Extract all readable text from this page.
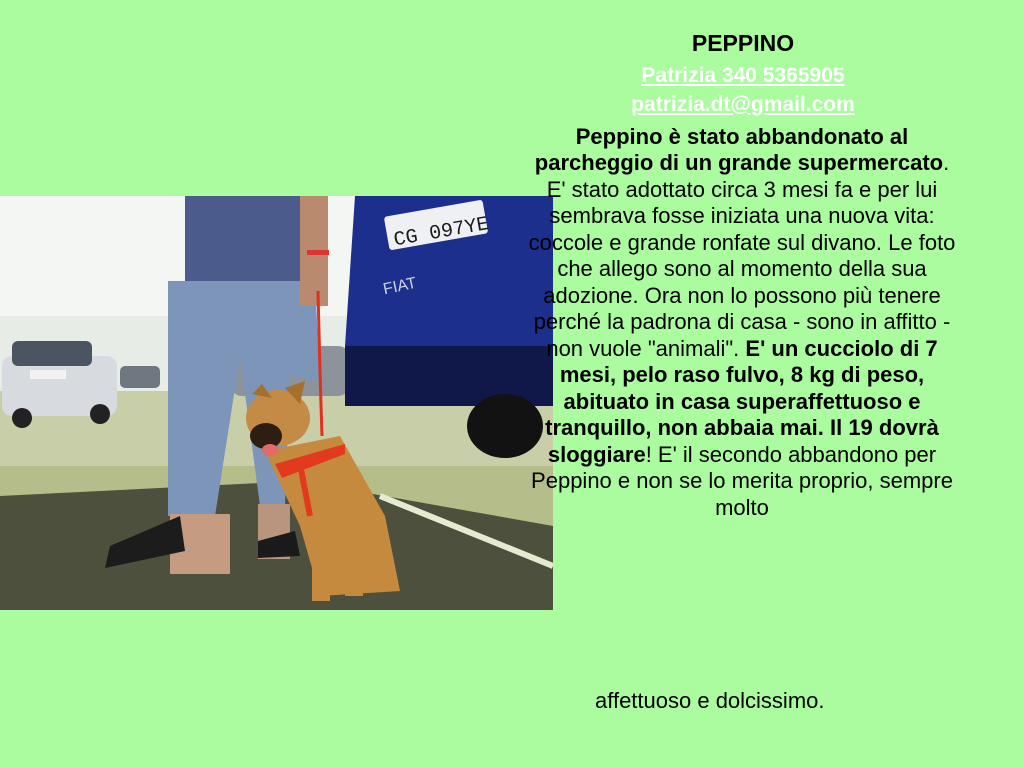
CG 097YE
FIAT
PEPPINO
Patrizia 340 5365905
patrizia.dt@gmail.com

Peppino è stato abbandonato al parcheggio di un grande supermercato. E' stato adottato circa 3 mesi fa e per lui sembrava fosse iniziata una nuova vita: coccole e grande ronfate sul divano. Le foto che allego sono al momento della sua adozione. Ora non lo possono più tenere perché la padrona di casa - sono in affitto - non vuole "animali". E' un cucciolo di 7 mesi, pelo raso fulvo, 8 kg di peso, abituato in casa superaffettuoso e tranquillo, non abbaia mai. Il 19 dovrà sloggiare! E' il secondo abbandono per Peppino e non se lo merita proprio, sempre molto

affettuoso e dolcissimo.
